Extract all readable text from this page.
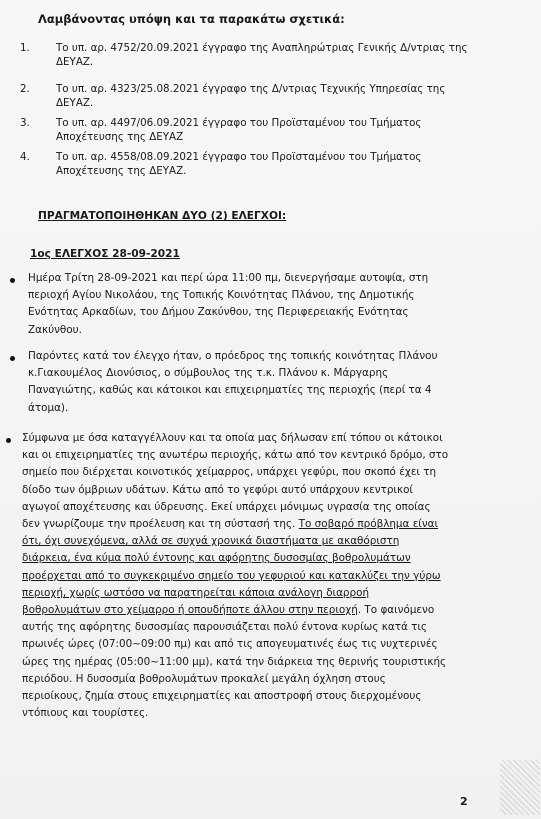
Λαμβάνοντας υπόψη και τα παρακάτω σχετικά:
1.	Το υπ. αρ. 4752/20.09.2021 έγγραφο της Αναπληρώτριας Γενικής Δ/ντριας της
ΔΕΥΑΖ.
2.	Το υπ. αρ. 4323/25.08.2021 έγγραφο της Δ/ντριας Τεχνικής Υπηρεσίας της
ΔΕΥΑΖ.
3.	Το υπ. αρ. 4497/06.09.2021 έγγραφο του Προϊσταμένου του Τμήματος
Αποχέτευσης της ΔΕΥΑΖ
4.	Το υπ. αρ. 4558/08.09.2021 έγγραφο του Προϊσταμένου του Τμήματος
Αποχέτευσης της ΔΕΥΑΖ.
ΠΡΑΓΜΑΤΟΠΟΙΗΘΗΚΑΝ ΔΥΟ (2) ΕΛΕΓΧΟΙ:
1ος ΕΛΕΓΧΟΣ 28-09-2021
Ημέρα Τρίτη 28-09-2021 και περί ώρα 11:00 πμ, διενεργήσαμε αυτοψία, στη
περιοχή Αγίου Νικολάου, της Τοπικής Κοινότητας Πλάνου, της Δημοτικής
Ενότητας Αρκαδίων, του Δήμου Ζακύνθου, της Περιφερειακής Ενότητας
Ζακύνθου.
Παρόντες κατά τον έλεγχο ήταν, ο πρόεδρος της τοπικής κοινότητας Πλάνου
κ.Γιακουμέλος Διονύσιος, ο σύμβουλος της τ.κ. Πλάνου κ. Μάργαρης
Παναγιώτης, καθώς και κάτοικοι και επιχειρηματίες της περιοχής (περί τα 4
άτομα).
Σύμφωνα με όσα καταγγέλλουν και τα οποία μας δήλωσαν επί τόπου οι κάτοικοι
και οι επιχειρηματίες της ανωτέρω περιοχής, κάτω από τον κεντρικό δρόμο, στο
σημείο που διέρχεται κοινοτικός χείμαρρος, υπάρχει γεφύρι, που σκοπό έχει τη
δίοδο των όμβριων υδάτων. Κάτω από το γεφύρι αυτό υπάρχουν κεντρικοί
αγωγοί αποχέτευσης και ύδρευσης. Εκεί υπάρχει μόνιμως υγρασία της οποίας
δεν γνωρίζουμε την προέλευση και τη σύστασή της. Το σοβαρό πρόβλημα είναι
ότι, όχι συνεχόμενα, αλλά σε συχνά χρονικά διαστήματα με ακαθόριστη
διάρκεια, ένα κύμα πολύ έντονης και αφόρητης δυσοσμίας βοθρολυμάτων
προέρχεται από το συγκεκριμένο σημείο του γεφυριού και κατακλύζει την γύρω
περιοχή, χωρίς ωστόσο να παρατηρείται κάποια ανάλογη διαρροή
βοθρολυμάτων στο χείμαρρο ή οπουδήποτε άλλου στην περιοχή. Το φαινόμενο
αυτής της αφόρητης δυσοσμίας παρουσιάζεται πολύ έντονα κυρίως κατά τις
πρωινές ώρες (07:00~09:00 πμ) και από τις απογευματινές έως τις νυχτερινές
ώρες της ημέρας (05:00~11:00 μμ), κατά την διάρκεια της θερινής τουριστικής
περιόδου. Η δυσοσμία βοθρολυμάτων προκαλεί μεγάλη όχληση στους
περιοίκους, ζημία στους επιχειρηματίες και αποστροφή στους διερχομένους
ντόπιους και τουρίστες.
2
